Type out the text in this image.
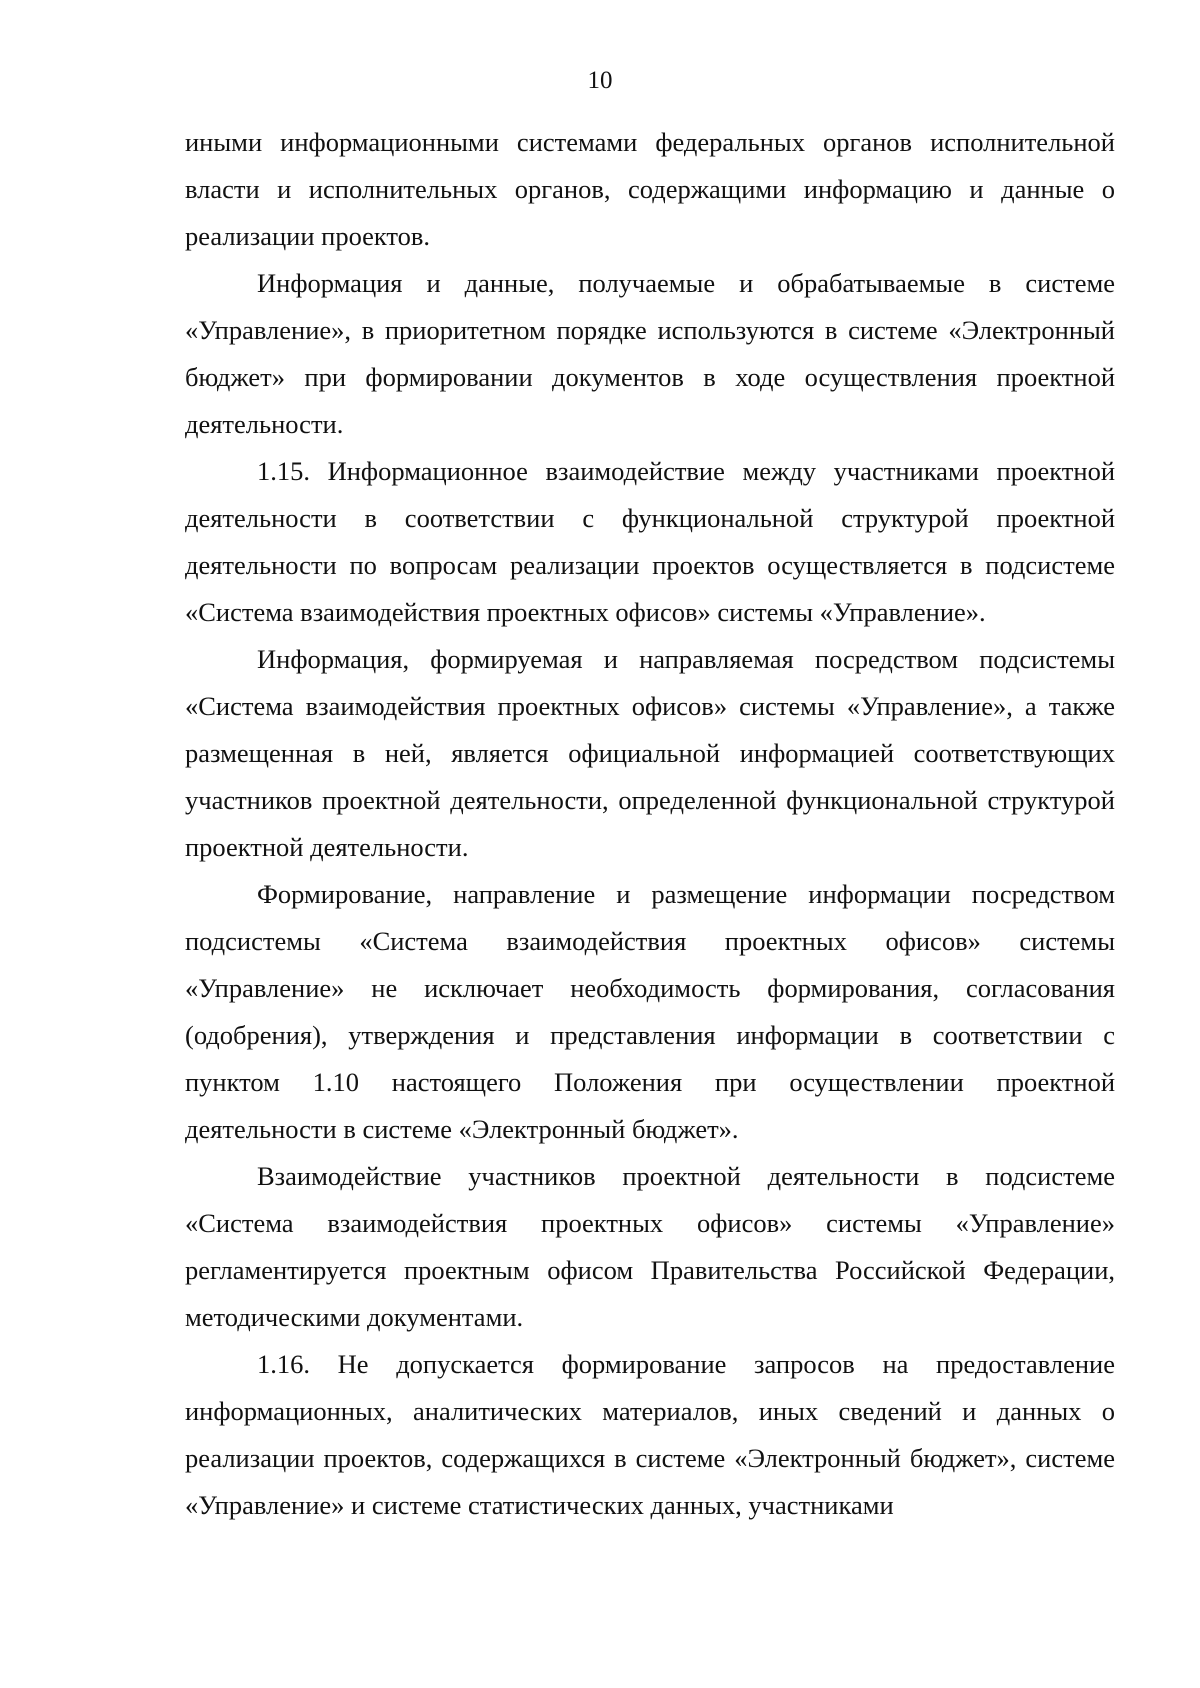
10

иными информационными системами федеральных органов исполнительной власти и исполнительных органов, содержащими информацию и данные о реализации проектов.

Информация и данные, получаемые и обрабатываемые в системе «Управление», в приоритетном порядке используются в системе «Электронный бюджет» при формировании документов в ходе осуществления проектной деятельности.

1.15. Информационное взаимодействие между участниками проектной деятельности в соответствии с функциональной структурой проектной деятельности по вопросам реализации проектов осуществляется в подсистеме «Система взаимодействия проектных офисов» системы «Управление».

Информация, формируемая и направляемая посредством подсистемы «Система взаимодействия проектных офисов» системы «Управление», а также размещенная в ней, является официальной информацией соответствующих участников проектной деятельности, определенной функциональной структурой проектной деятельности.

Формирование, направление и размещение информации посредством подсистемы «Система взаимодействия проектных офисов» системы «Управление» не исключает необходимость формирования, согласования (одобрения), утверждения и представления информации в соответствии с пунктом 1.10 настоящего Положения при осуществлении проектной деятельности в системе «Электронный бюджет».

Взаимодействие участников проектной деятельности в подсистеме «Система взаимодействия проектных офисов» системы «Управление» регламентируется проектным офисом Правительства Российской Федерации, методическими документами.

1.16. Не допускается формирование запросов на предоставление информационных, аналитических материалов, иных сведений и данных о реализации проектов, содержащихся в системе «Электронный бюджет», системе «Управление» и системе статистических данных, участниками
